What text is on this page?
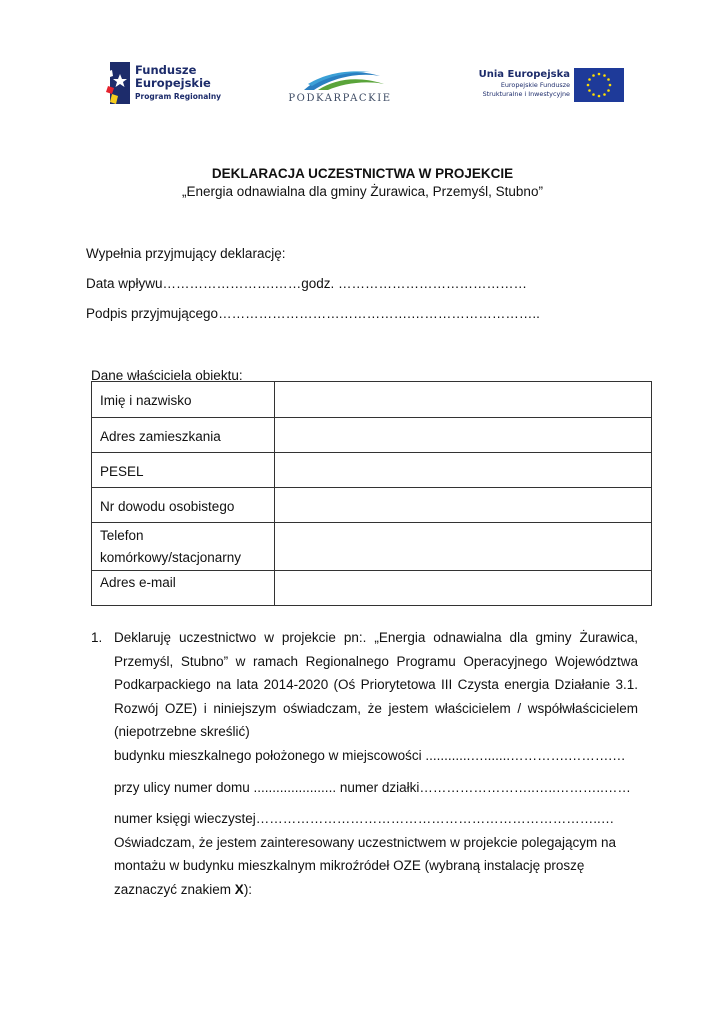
Fundusze
Europejskie
Program Regionalny	PODKARPACKIE
Unia Europejska
Europejskie Fundusze
Strukturalne i Inwestycyjne
DEKLARACJA UCZESTNICTWA W PROJEKCIE
„Energia odnawialna dla gminy Żurawica, Przemyśl, Stubno”
Wypełnia przyjmujący deklarację:
Data wpływu…………………….……godz. ……………………………………
Podpis przyjmującego…………………………………….………………………..
Dane właściciela obiektu:
Imię i nazwisko	
Adres zamieszkania	
PESEL	
Nr dowodu osobistego	
Telefon komórkowy/stacjonarny	
Adres e-mail	
1. Deklaruję uczestnictwo w projekcie pn:. „Energia odnawialna dla gminy Żurawica,
Przemyśl, Stubno” w ramach Regionalnego Programu Operacyjnego Województwa
Podkarpackiego na lata 2014-2020 (Oś Priorytetowa III Czysta energia Działanie 3.1.
Rozwój OZE) i niniejszym oświadczam, że jestem właścicielem / współwłaścicielem
(niepotrzebne skreślić)
budynku mieszkalnego położonego w miejscowości ............….......………….……….…
przy ulicy numer domu ...................... numer działki……………………..…..………..……
numer księgi wieczystej…………………………………………………………………..…
Oświadczam, że jestem zainteresowany uczestnictwem w projekcie polegającym na
montażu w budynku mieszkalnym mikroźródeł OZE (wybraną instalację proszę
zaznaczyć znakiem X):
